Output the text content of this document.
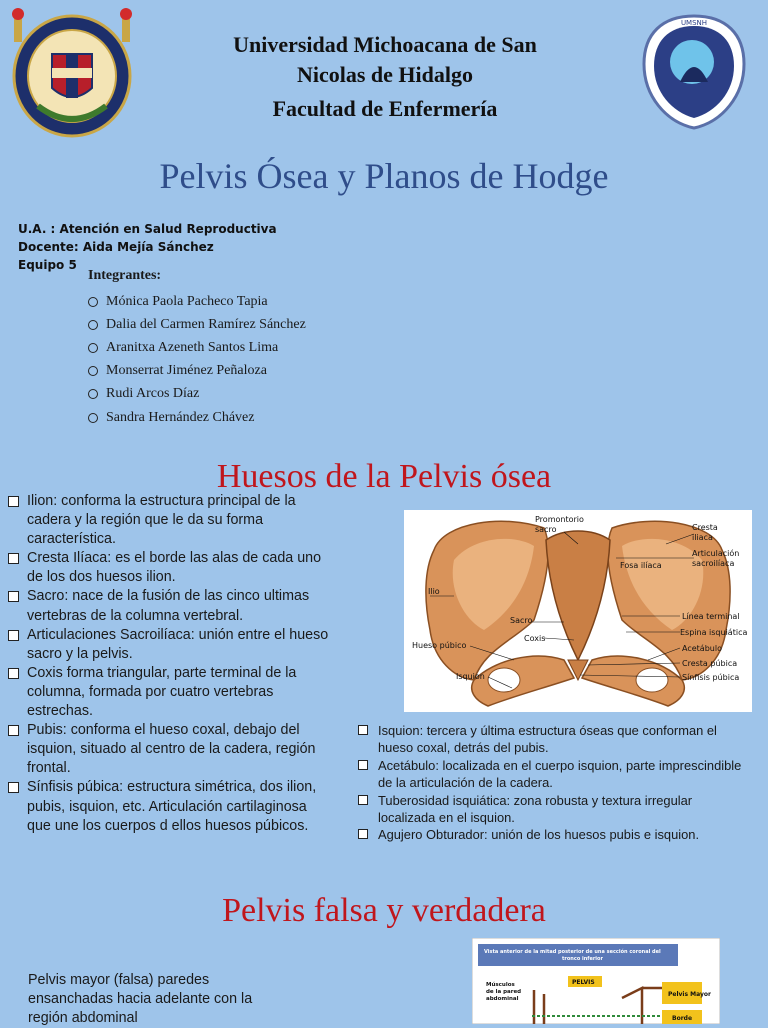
Universidad Michoacana de San
Nicolas de Hidalgo
Facultad de Enfermería
UMSNH
Pelvis Ósea y Planos de Hodge
U.A. : Atención en Salud Reproductiva
Docente: Aida Mejía Sánchez
Equipo 5
Integrantes:
Mónica Paola Pacheco Tapia
Dalia del Carmen Ramírez Sánchez
Aranitxa Azeneth Santos Lima
Monserrat Jiménez Peñaloza
Rudi Arcos Díaz
Sandra Hernández Chávez
Huesos de la Pelvis ósea
Ilion: conforma la estructura principal de la cadera y la región que le da su forma característica.
Cresta Ilíaca: es el borde las alas de cada uno de los dos huesos ilion.
Sacro: nace de la fusión de las cinco ultimas vertebras de la columna vertebral.
Articulaciones Sacroilíaca: unión entre el hueso sacro y la pelvis.
Coxis forma triangular, parte terminal de la columna, formada por cuatro vertebras estrechas.
Pubis: conforma el hueso coxal, debajo del isquion, situado al centro de la cadera, región frontal.
Sínfisis púbica: estructura simétrica, dos ilion, pubis, isquion, etc. Articulación cartilaginosa que une los cuerpos d ellos huesos púbicos.
Promontorio
sacro	Cresta
iliaca
Articulación
sacroilíaca
Fosa ilíaca
Ilio
Línea terminal
Espina isquiática
Sacro
Coxis
Hueso púbico	Acetábulo
Cresta púbica
Isquion	Sínfisis púbica
Isquion: tercera y última estructura óseas que conforman el hueso coxal, detrás del pubis.
Acetábulo: localizada en el cuerpo isquion, parte imprescindible de la articulación de la cadera.
Tuberosidad isquiática: zona robusta y textura irregular localizada en el isquion.
Agujero Obturador: unión de los huesos pubis e isquion.
Pelvis falsa y verdadera
Pelvis mayor (falsa) paredes ensanchadas hacia adelante con la región abdominal
Vista anterior de la mitad posterior de una sección coronal del tronco inferior
Músculos de la pared abdominal
PELVIS
Pelvis Mayor
Borde
